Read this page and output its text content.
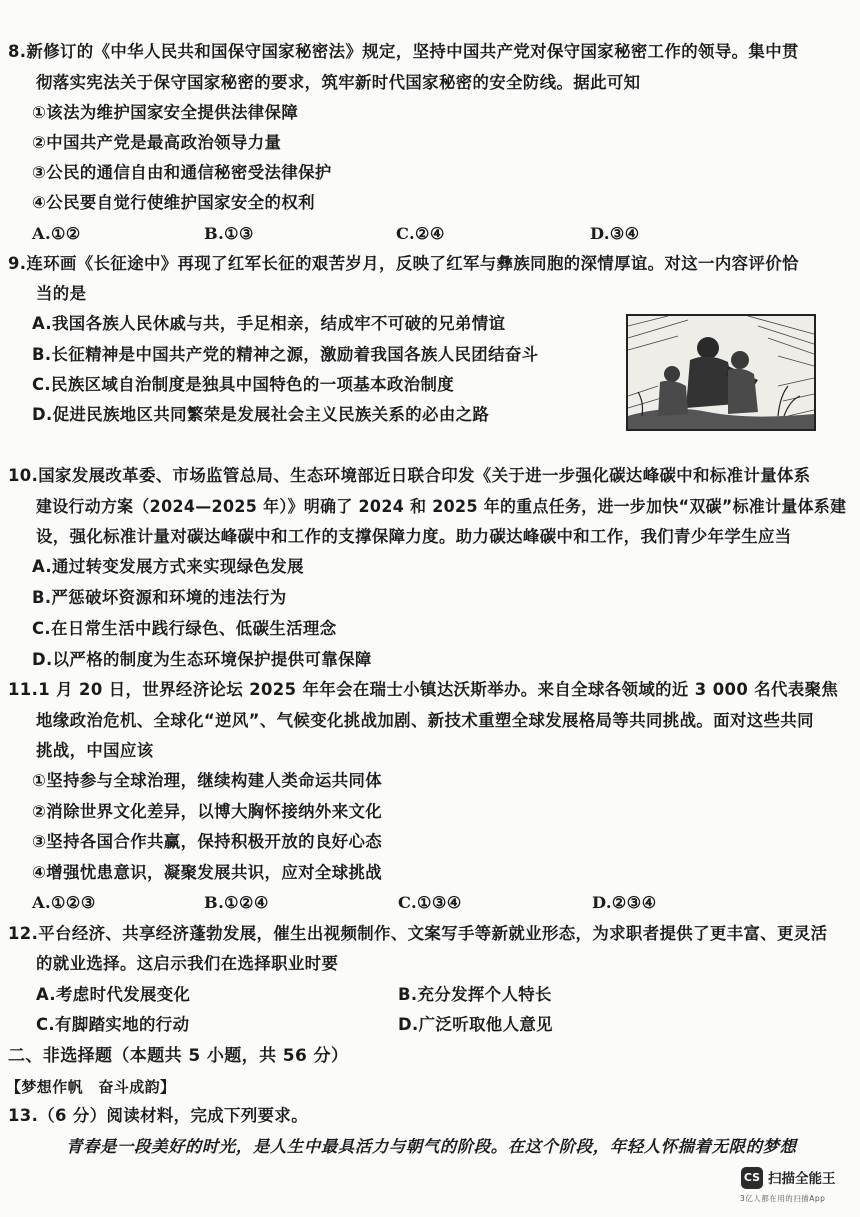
8.新修订的《中华人民共和国保守国家秘密法》规定，坚持中国共产党对保守国家秘密工作的领导。集中贯
彻落实宪法关于保守国家秘密的要求，筑牢新时代国家秘密的安全防线。据此可知
①该法为维护国家安全提供法律保障
②中国共产党是最高政治领导力量
③公民的通信自由和通信秘密受法律保护
④公民要自觉行使维护国家安全的权利
A.①②	B.①③	C.②④	D.③④
9.连环画《长征途中》再现了红军长征的艰苦岁月，反映了红军与彝族同胞的深情厚谊。对这一内容评价恰
当的是
A.我国各族人民休戚与共，手足相亲，结成牢不可破的兄弟情谊
B.长征精神是中国共产党的精神之源，激励着我国各族人民团结奋斗
C.民族区域自治制度是独具中国特色的一项基本政治制度
D.促进民族地区共同繁荣是发展社会主义民族关系的必由之路
10.国家发展改革委、市场监管总局、生态环境部近日联合印发《关于进一步强化碳达峰碳中和标准计量体系
建设行动方案（2024—2025 年）》明确了 2024 和 2025 年的重点任务，进一步加快“双碳”标准计量体系建
设，强化标准计量对碳达峰碳中和工作的支撑保障力度。助力碳达峰碳中和工作，我们青少年学生应当
A.通过转变发展方式来实现绿色发展
B.严惩破坏资源和环境的违法行为
C.在日常生活中践行绿色、低碳生活理念
D.以严格的制度为生态环境保护提供可靠保障
11.1 月 20 日，世界经济论坛 2025 年年会在瑞士小镇达沃斯举办。来自全球各领域的近 3 000 名代表聚焦
地缘政治危机、全球化“逆风”、气候变化挑战加剧、新技术重塑全球发展格局等共同挑战。面对这些共同
挑战，中国应该
①坚持参与全球治理，继续构建人类命运共同体
②消除世界文化差异，以博大胸怀接纳外来文化
③坚持各国合作共赢，保持积极开放的良好心态
④增强忧患意识，凝聚发展共识，应对全球挑战
A.①②③	B.①②④	C.①③④	D.②③④
12.平台经济、共享经济蓬勃发展，催生出视频制作、文案写手等新就业形态，为求职者提供了更丰富、更灵活
的就业选择。这启示我们在选择职业时要
A.考虑时代发展变化	B.充分发挥个人特长
C.有脚踏实地的行动	D.广泛听取他人意见
二、非选择题（本题共 5 小题，共 56 分）
【梦想作帆　奋斗成韵】
13.（6 分）阅读材料，完成下列要求。
青春是一段美好的时光，是人生中最具活力与朝气的阶段。在这个阶段，年轻人怀揣着无限的梦想
CS 扫描全能王
3亿人都在用的扫描App
